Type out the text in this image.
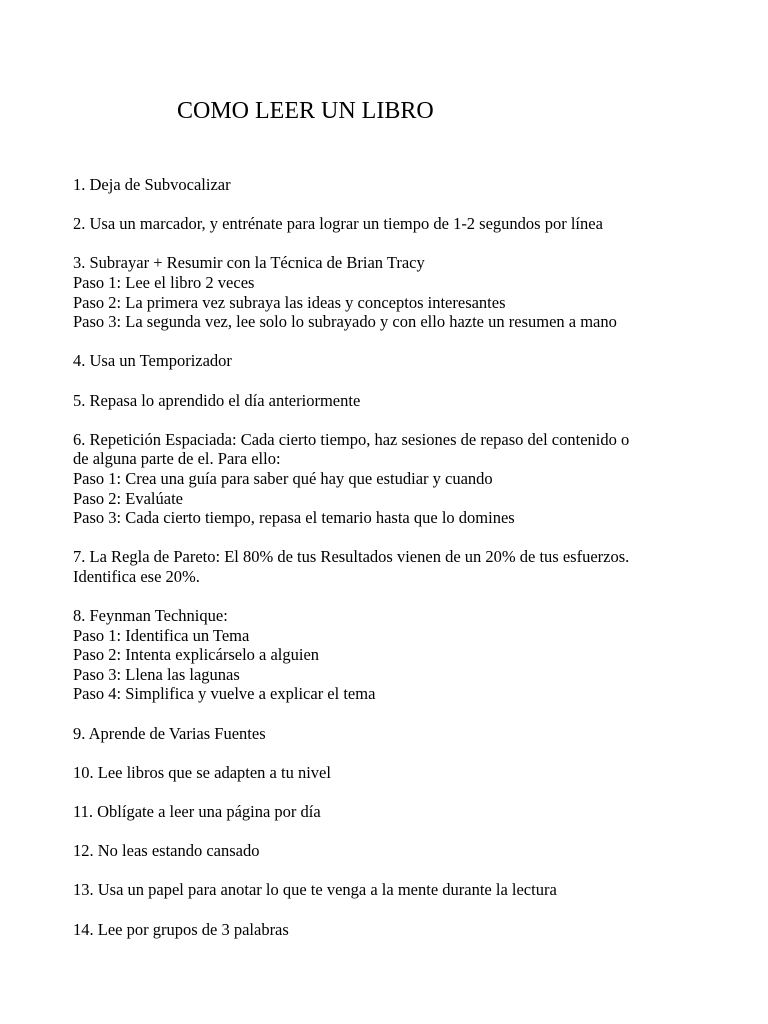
COMO LEER UN LIBRO
1. Deja de Subvocalizar
2. Usa un marcador, y entrénate para lograr un tiempo de 1-2 segundos por línea
3. Subrayar + Resumir con la Técnica de Brian Tracy
Paso 1: Lee el libro 2 veces
Paso 2: La primera vez subraya las ideas y conceptos interesantes
Paso 3: La segunda vez, lee solo lo subrayado y con ello hazte un resumen a mano
4. Usa un Temporizador
5. Repasa lo aprendido el día anteriormente
6. Repetición Espaciada: Cada cierto tiempo, haz sesiones de repaso del contenido o
de alguna parte de el. Para ello:
Paso 1: Crea una guía para saber qué hay que estudiar y cuando
Paso 2: Evalúate
Paso 3: Cada cierto tiempo, repasa el temario hasta que lo domines
7. La Regla de Pareto: El 80% de tus Resultados vienen de un 20% de tus esfuerzos.
Identifica ese 20%.
8. Feynman Technique:
Paso 1: Identifica un Tema
Paso 2: Intenta explicárselo a alguien
Paso 3: Llena las lagunas
Paso 4: Simplifica y vuelve a explicar el tema
9. Aprende de Varias Fuentes
10. Lee libros que se adapten a tu nivel
11. Oblígate a leer una página por día
12. No leas estando cansado
13. Usa un papel para anotar lo que te venga a la mente durante la lectura
14. Lee por grupos de 3 palabras
